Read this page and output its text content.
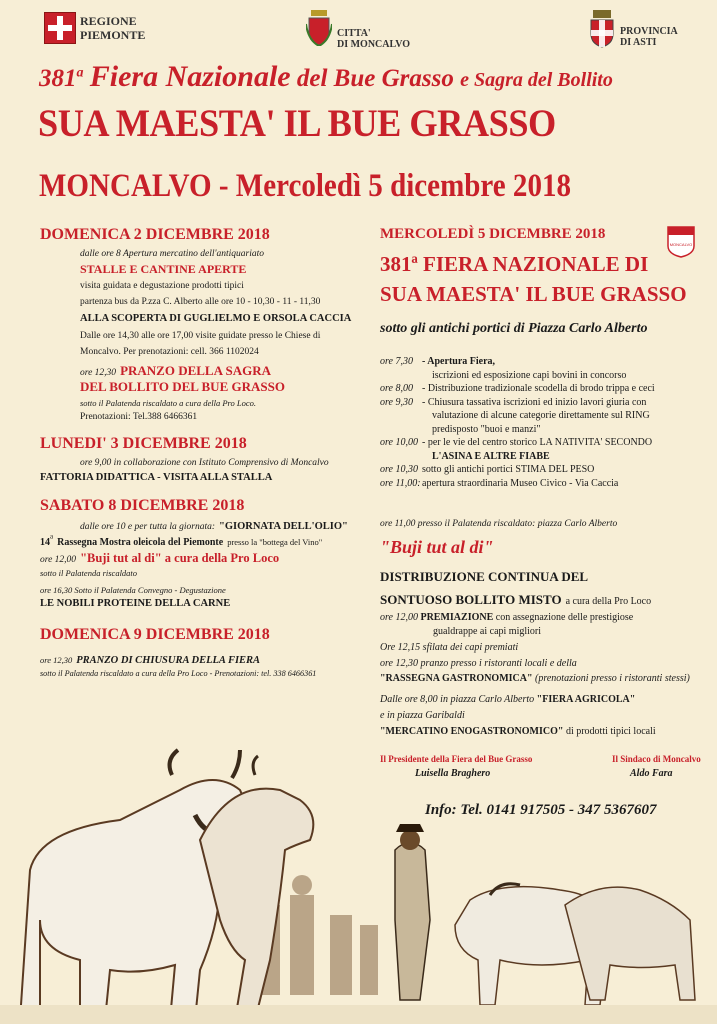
REGIONE
PIEMONTE	CITTA'
DI MONCALVO
PROVINCIA
DI ASTI
381$^a$ Fiera Nazionale del Bue Grasso e Sagra del Bollito
SUA MAESTA' IL BUE GRASSO
MONCALVO - Mercoledì 5 dicembre 2018
DOMENICA 2 DICEMBRE 2018
dalle ore 8 Apertura mercatino dell'antiquariato
STALLE E CANTINE APERTE
visita guidata e degustazione prodotti tipici
partenza bus da P.zza C. Alberto alle ore 10 - 10,30 - 11 - 11,30
ALLA SCOPERTA DI GUGLIELMO E ORSOLA CACCIA
Dalle ore 14,30 alle ore 17,00 visite guidate presso le Chiese di
Moncalvo. Per prenotazioni: cell. 366 1102024
ore 12,30 PRANZO DELLA SAGRA
DEL BOLLITO DEL BUE GRASSO
sotto il Palatenda riscaldato a cura della Pro Loco.
Prenotazioni: Tel.388 6466361
LUNEDI' 3 DICEMBRE 2018
ore 9,00 in collaborazione con Istituto Comprensivo di Moncalvo
FATTORIA DIDATTICA - VISITA ALLA STALLA
SABATO 8 DICEMBRE 2018
dalle ore 10 e per tutta la giornata: "GIORNATA DELL'OLIO"
14$^a$ Rassegna Mostra oleicola del Piemonte presso la "bottega del Vino"
ore 12,00 "Buji tut al di" a cura della Pro Loco
sotto il Palatenda riscaldato
ore 16,30 Sotto il Palatenda Convegno - Degustazione
LE NOBILI PROTEINE DELLA CARNE
DOMENICA 9 DICEMBRE 2018
ore 12,30 PRANZO DI CHIUSURA DELLA FIERA
sotto il Palatenda riscaldato a cura della Pro Loco - Prenotazioni: tel. 338 6466361
MERCOLEDÌ 5 DICEMBRE 2018
MONCALVO
381ª FIERA NAZIONALE DI
SUA MAESTA' IL BUE GRASSO
sotto gli antichi portici di Piazza Carlo Alberto
ore 7,30 - Apertura Fiera,
iscrizioni ed esposizione capi bovini in concorso
ore 8,00 - Distribuzione tradizionale scodella di brodo trippa e ceci
ore 9,30 - Chiusura tassativa iscrizioni ed inizio lavori giuria con
valutazione di alcune categorie direttamente sul RING
predisposto "buoi e manzi"
ore 10,00 - per le vie del centro storico LA NATIVITA' SECONDO
L'ASINA E ALTRE FIABE
ore 10,30 sotto gli antichi portici STIMA DEL PESO
ore 11,00:apertura straordinaria Museo Civico - Via Caccia
ore 11,00 presso il Palatenda riscaldato: piazza Carlo Alberto
"Buji tut al di"
DISTRIBUZIONE CONTINUA DEL
SONTUOSO BOLLITO MISTO a cura della Pro Loco
ore 12,00 PREMIAZIONE con assegnazione delle prestigiose
gualdrappe ai capi migliori
Ore 12,15 sfilata dei capi premiati
ore 12,30 pranzo presso i ristoranti locali e della
"RASSEGNA GASTRONOMICA" (prenotazioni presso i ristoranti stessi)
Dalle ore 8,00 in piazza Carlo Alberto "FIERA AGRICOLA"
e in piazza Garibaldi
"MERCATINO ENOGASTRONOMICO" di prodotti tipici locali
Il Presidente della Fiera del Bue Grasso
Luisella Braghero
Il Sindaco di Moncalvo
Aldo Fara
Info: Tel. 0141 917505 - 347 5367607
